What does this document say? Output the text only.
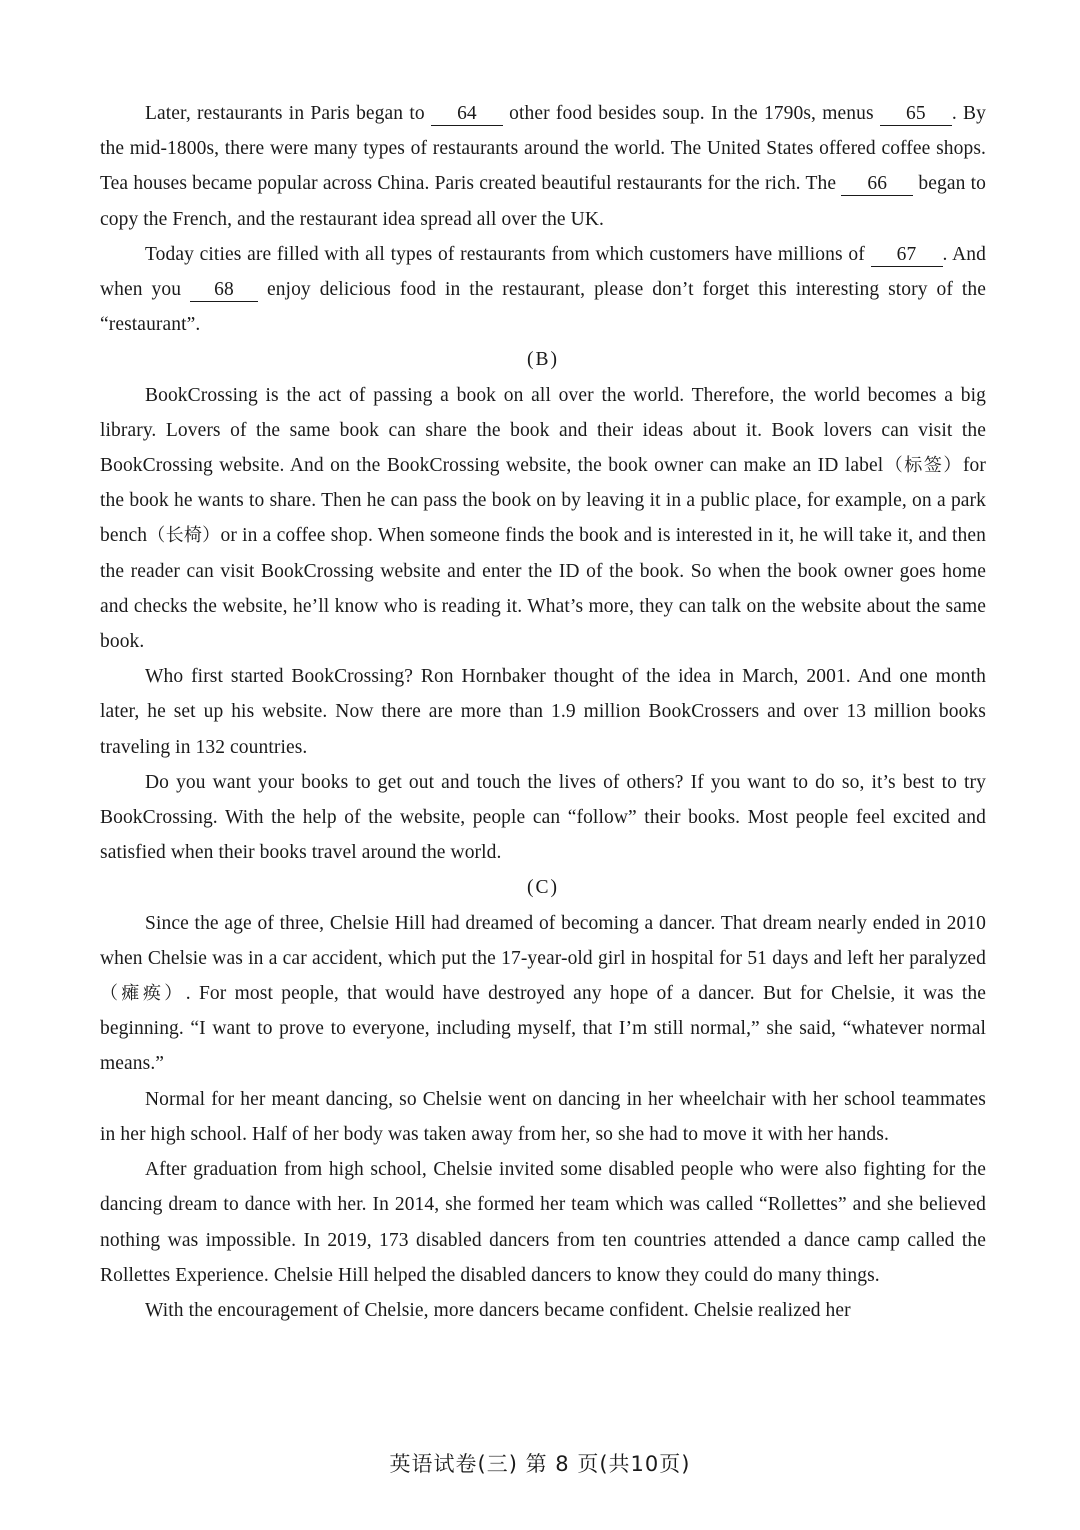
Later, restaurants in Paris began to 64 other food besides soup. In the 1790s, menus 65 . By the mid-1800s, there were many types of restaurants around the world. The United States offered coffee shops. Tea houses became popular across China. Paris created beautiful restaurants for the rich. The 66 began to copy the French, and the restaurant idea spread all over the UK.

Today cities are filled with all types of restaurants from which customers have millions of 67 . And when you 68 enjoy delicious food in the restaurant, please don’t forget this interesting story of the “restaurant”.

(B)

BookCrossing is the act of passing a book on all over the world. Therefore, the world becomes a big library. Lovers of the same book can share the book and their ideas about it. Book lovers can visit the BookCrossing website. And on the BookCrossing website, the book owner can make an ID label（标签）for the book he wants to share. Then he can pass the book on by leaving it in a public place, for example, on a park bench（长椅）or in a coffee shop. When someone finds the book and is interested in it, he will take it, and then the reader can visit BookCrossing website and enter the ID of the book. So when the book owner goes home and checks the website, he’ll know who is reading it. What’s more, they can talk on the website about the same book.

Who first started BookCrossing? Ron Hornbaker thought of the idea in March, 2001. And one month later, he set up his website. Now there are more than 1.9 million BookCrossers and over 13 million books traveling in 132 countries.

Do you want your books to get out and touch the lives of others? If you want to do so, it’s best to try BookCrossing. With the help of the website, people can “follow” their books. Most people feel excited and satisfied when their books travel around the world.

(C)

Since the age of three, Chelsie Hill had dreamed of becoming a dancer. That dream nearly ended in 2010 when Chelsie was in a car accident, which put the 17-year-old girl in hospital for 51 days and left her paralyzed（瘫痪）. For most people, that would have destroyed any hope of a dancer. But for Chelsie, it was the beginning. “I want to prove to everyone, including myself, that I’m still normal,” she said, “whatever normal means.”

Normal for her meant dancing, so Chelsie went on dancing in her wheelchair with her school teammates in her high school. Half of her body was taken away from her, so she had to move it with her hands.

After graduation from high school, Chelsie invited some disabled people who were also fighting for the dancing dream to dance with her. In 2014, she formed her team which was called “Rollettes” and she believed nothing was impossible. In 2019, 173 disabled dancers from ten countries attended a dance camp called the Rollettes Experience. Chelsie Hill helped the disabled dancers to know they could do many things.

With the encouragement of Chelsie, more dancers became confident. Chelsie realized her

英语试卷(三) 第 8 页(共10页)
